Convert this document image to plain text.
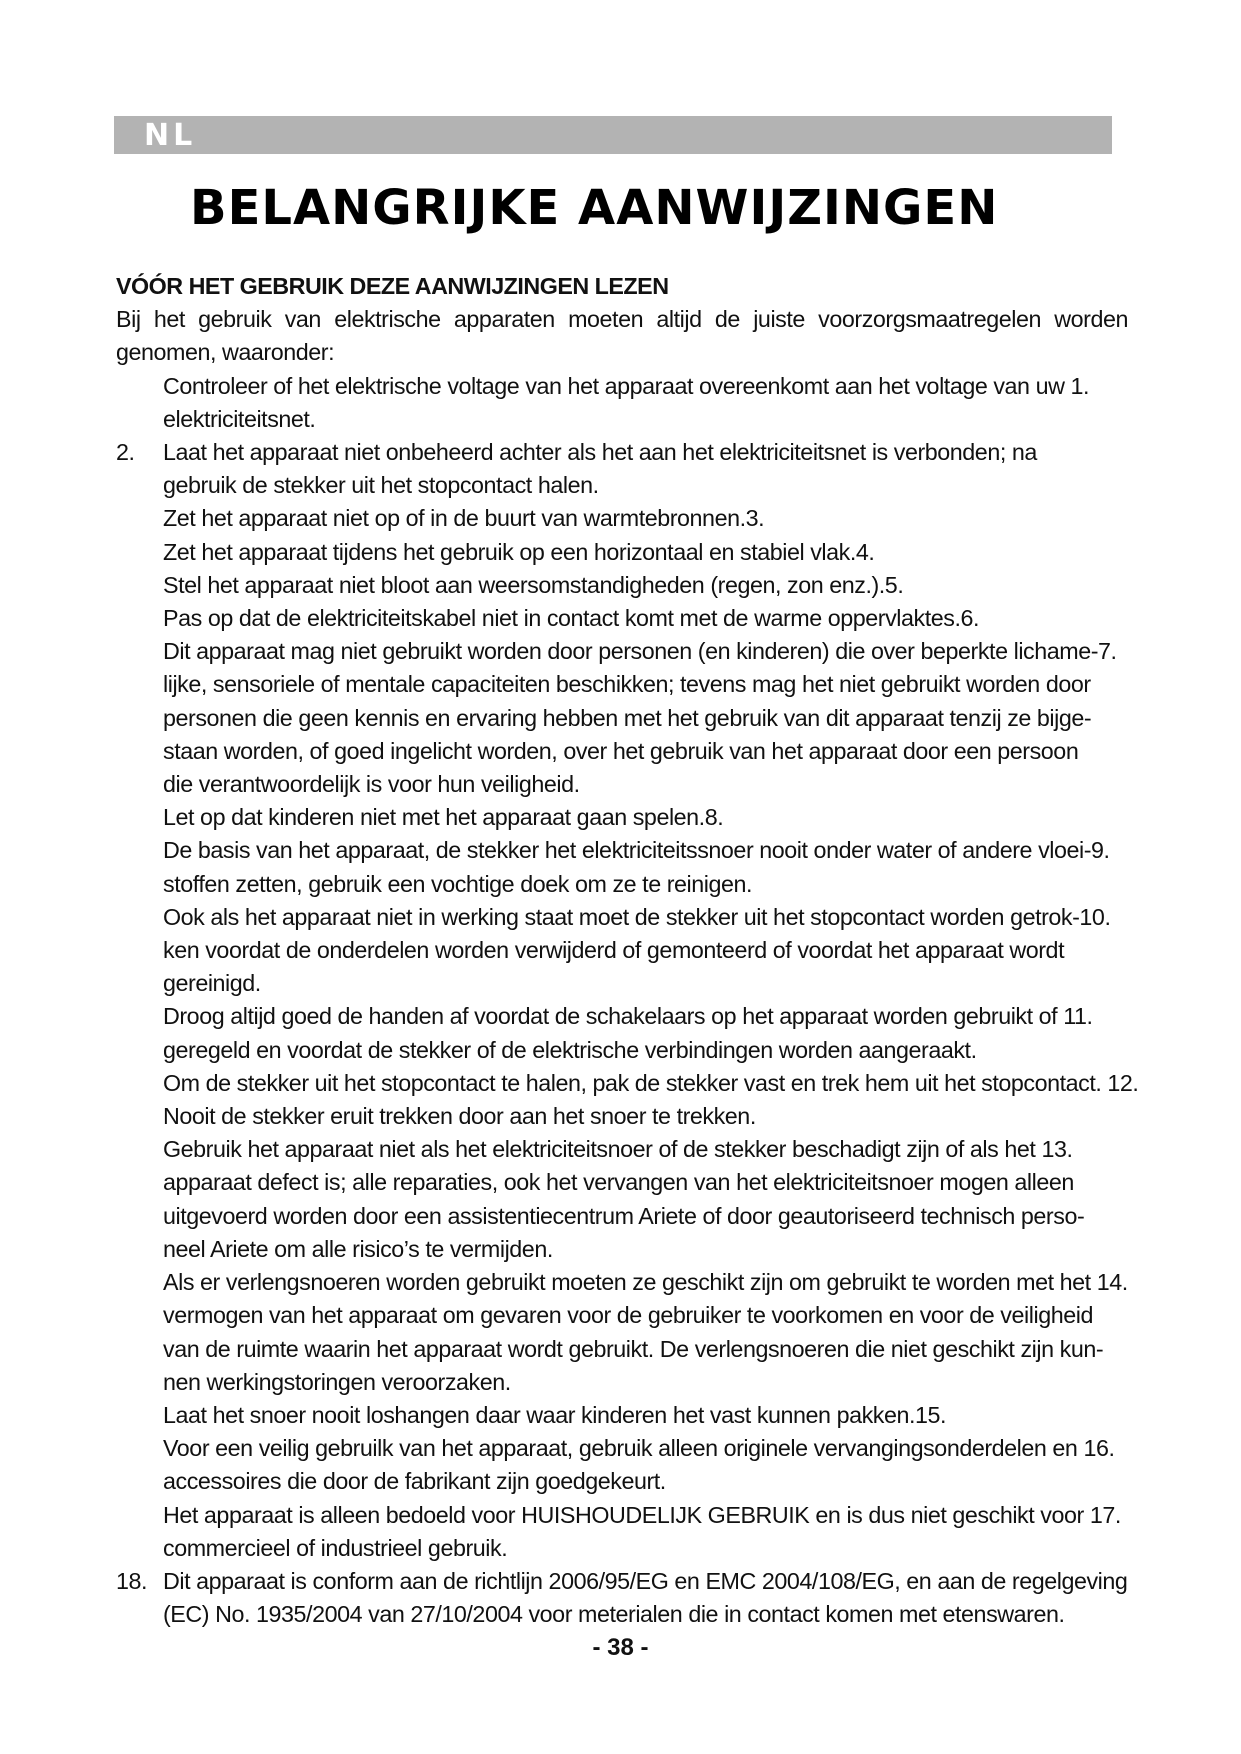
NL
BELANGRIJKE AANWIJZINGEN

VÓÓR HET GEBRUIK DEZE AANWIJZINGEN LEZEN

Bij het gebruik van elektrische apparaten moeten altijd de juiste voorzorgsmaatregelen worden genomen, waaronder:

Controleer of het elektrische voltage van het apparaat overeenkomt aan het voltage van uw 1.
elektriciteitsnet.
2. Laat het apparaat niet onbeheerd achter als het aan het elektriciteitsnet is verbonden; na
gebruik de stekker uit het stopcontact halen.
Zet het apparaat niet op of in de buurt van warmtebronnen.3.
Zet het apparaat tijdens het gebruik op een horizontaal en stabiel vlak.4.
Stel het apparaat niet bloot aan weersomstandigheden (regen, zon enz.).5.
Pas op dat de elektriciteitskabel niet in contact komt met de warme oppervlaktes.6.
Dit apparaat mag niet gebruikt worden door personen (en kinderen) die over beperkte lichame-7.
lijke, sensoriele of mentale capaciteiten beschikken; tevens mag het niet gebruikt worden door
personen die geen kennis en ervaring hebben met het gebruik van dit apparaat tenzij ze bijge-
staan worden, of goed ingelicht worden, over het gebruik van het apparaat door een persoon
die verantwoordelijk is voor hun veiligheid.
Let op dat kinderen niet met het apparaat gaan spelen.8.
De basis van het apparaat, de stekker het elektriciteitssnoer nooit onder water of andere vloei-9.
stoffen zetten, gebruik een vochtige doek om ze te reinigen.
Ook als het apparaat niet in werking staat moet de stekker uit het stopcontact worden getrok-10.
ken voordat de onderdelen worden verwijderd of gemonteerd of voordat het apparaat wordt
gereinigd.
Droog altijd goed de handen af voordat de schakelaars op het apparaat worden gebruikt of 11.
geregeld en voordat de stekker of de elektrische verbindingen worden aangeraakt.
Om de stekker uit het stopcontact te halen, pak de stekker vast en trek hem uit het stopcontact. 12.
Nooit de stekker eruit trekken door aan het snoer te trekken.
Gebruik het apparaat niet als het elektriciteitsnoer of de stekker beschadigt zijn of als het 13.
apparaat defect is; alle reparaties, ook het vervangen van het elektriciteitsnoer mogen alleen
uitgevoerd worden door een assistentiecentrum Ariete of door geautoriseerd technisch perso-
neel Ariete om alle risico’s te vermijden.
Als er verlengsnoeren worden gebruikt moeten ze geschikt zijn om gebruikt te worden met het 14.
vermogen van het apparaat om gevaren voor de gebruiker te voorkomen en voor de veiligheid
van de ruimte waarin het apparaat wordt gebruikt. De verlengsnoeren die niet geschikt zijn kun-
nen werkingstoringen veroorzaken.
Laat het snoer nooit loshangen daar waar kinderen het vast kunnen pakken.15.
Voor een veilig gebruilk van het apparaat, gebruik alleen originele vervangingsonderdelen en 16.
accessoires die door de fabrikant zijn goedgekeurt.
Het apparaat is alleen bedoeld voor HUISHOUDELIJK GEBRUIK en is dus niet geschikt voor 17.
commercieel of industrieel gebruik.
18. Dit apparaat is conform aan de richtlijn 2006/95/EG en EMC 2004/108/EG, en aan de regelgeving
(EC) No. 1935/2004 van 27/10/2004 voor meterialen die in contact komen met etenswaren.
- 38 -
